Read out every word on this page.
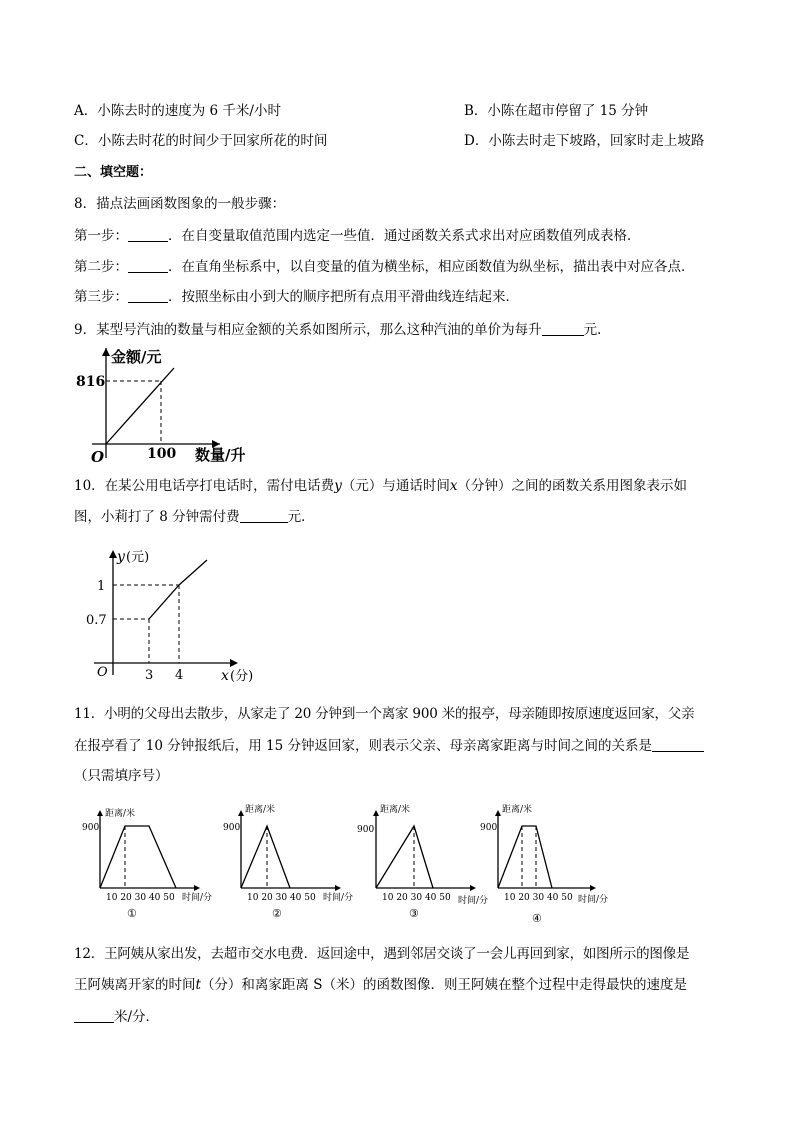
A．小陈去时的速度为 6 千米/小时	B．小陈在超市停留了 15 分钟
C．小陈去时花的时间少于回家所花的时间	D．小陈去时走下坡路，回家时走上坡路
二、填空题：
8．描点法画函数图象的一般步骤：
第一步：	．在自变量取值范围内选定一些值．通过函数关系式求出对应函数值列成表格．
第二步：	．在直角坐标系中，以自变量的值为横坐标，相应函数值为纵坐标，描出表中对应各点．
第三步：	．按照坐标由小到大的顺序把所有点用平滑曲线连结起来．
9．某型号汽油的数量与相应金额的关系如图所示，那么这种汽油的单价为每升	元．
金额/元
数量/升
O
816
100
10．在某公用电话亭打电话时，需付电话费y（元）与通话时间x（分钟）之间的函数关系用图象表示如
图，小莉打了 8 分钟需付费	元．
y (元)
1
0.7
O	3 4	x (分)
11．小明的父母出去散步，从家走了 20 分钟到一个离家 900 米的报亭，母亲随即按原速度返回家，父亲
在报亭看了 10 分钟报纸后，用 15 分钟返回家，则表示父亲、母亲离家距离与时间之间的关系是
（只需填序号）
距离/米
900
10 20 30 40 50 时间/分
①
距离/米
900
10 20 30 40 50 时间/分
②
距离/米
900
10 20 30 40 50 时间/分
③
距离/米
900
10 20 30 40 50 时间/分
④
12．王阿姨从家出发，去超市交水电费．返回途中，遇到邻居交谈了一会儿再回到家，如图所示的图像是
王阿姨离开家的时间t（分）和离家距离 S（米）的函数图像．则王阿姨在整个过程中走得最快的速度是
米/分．
